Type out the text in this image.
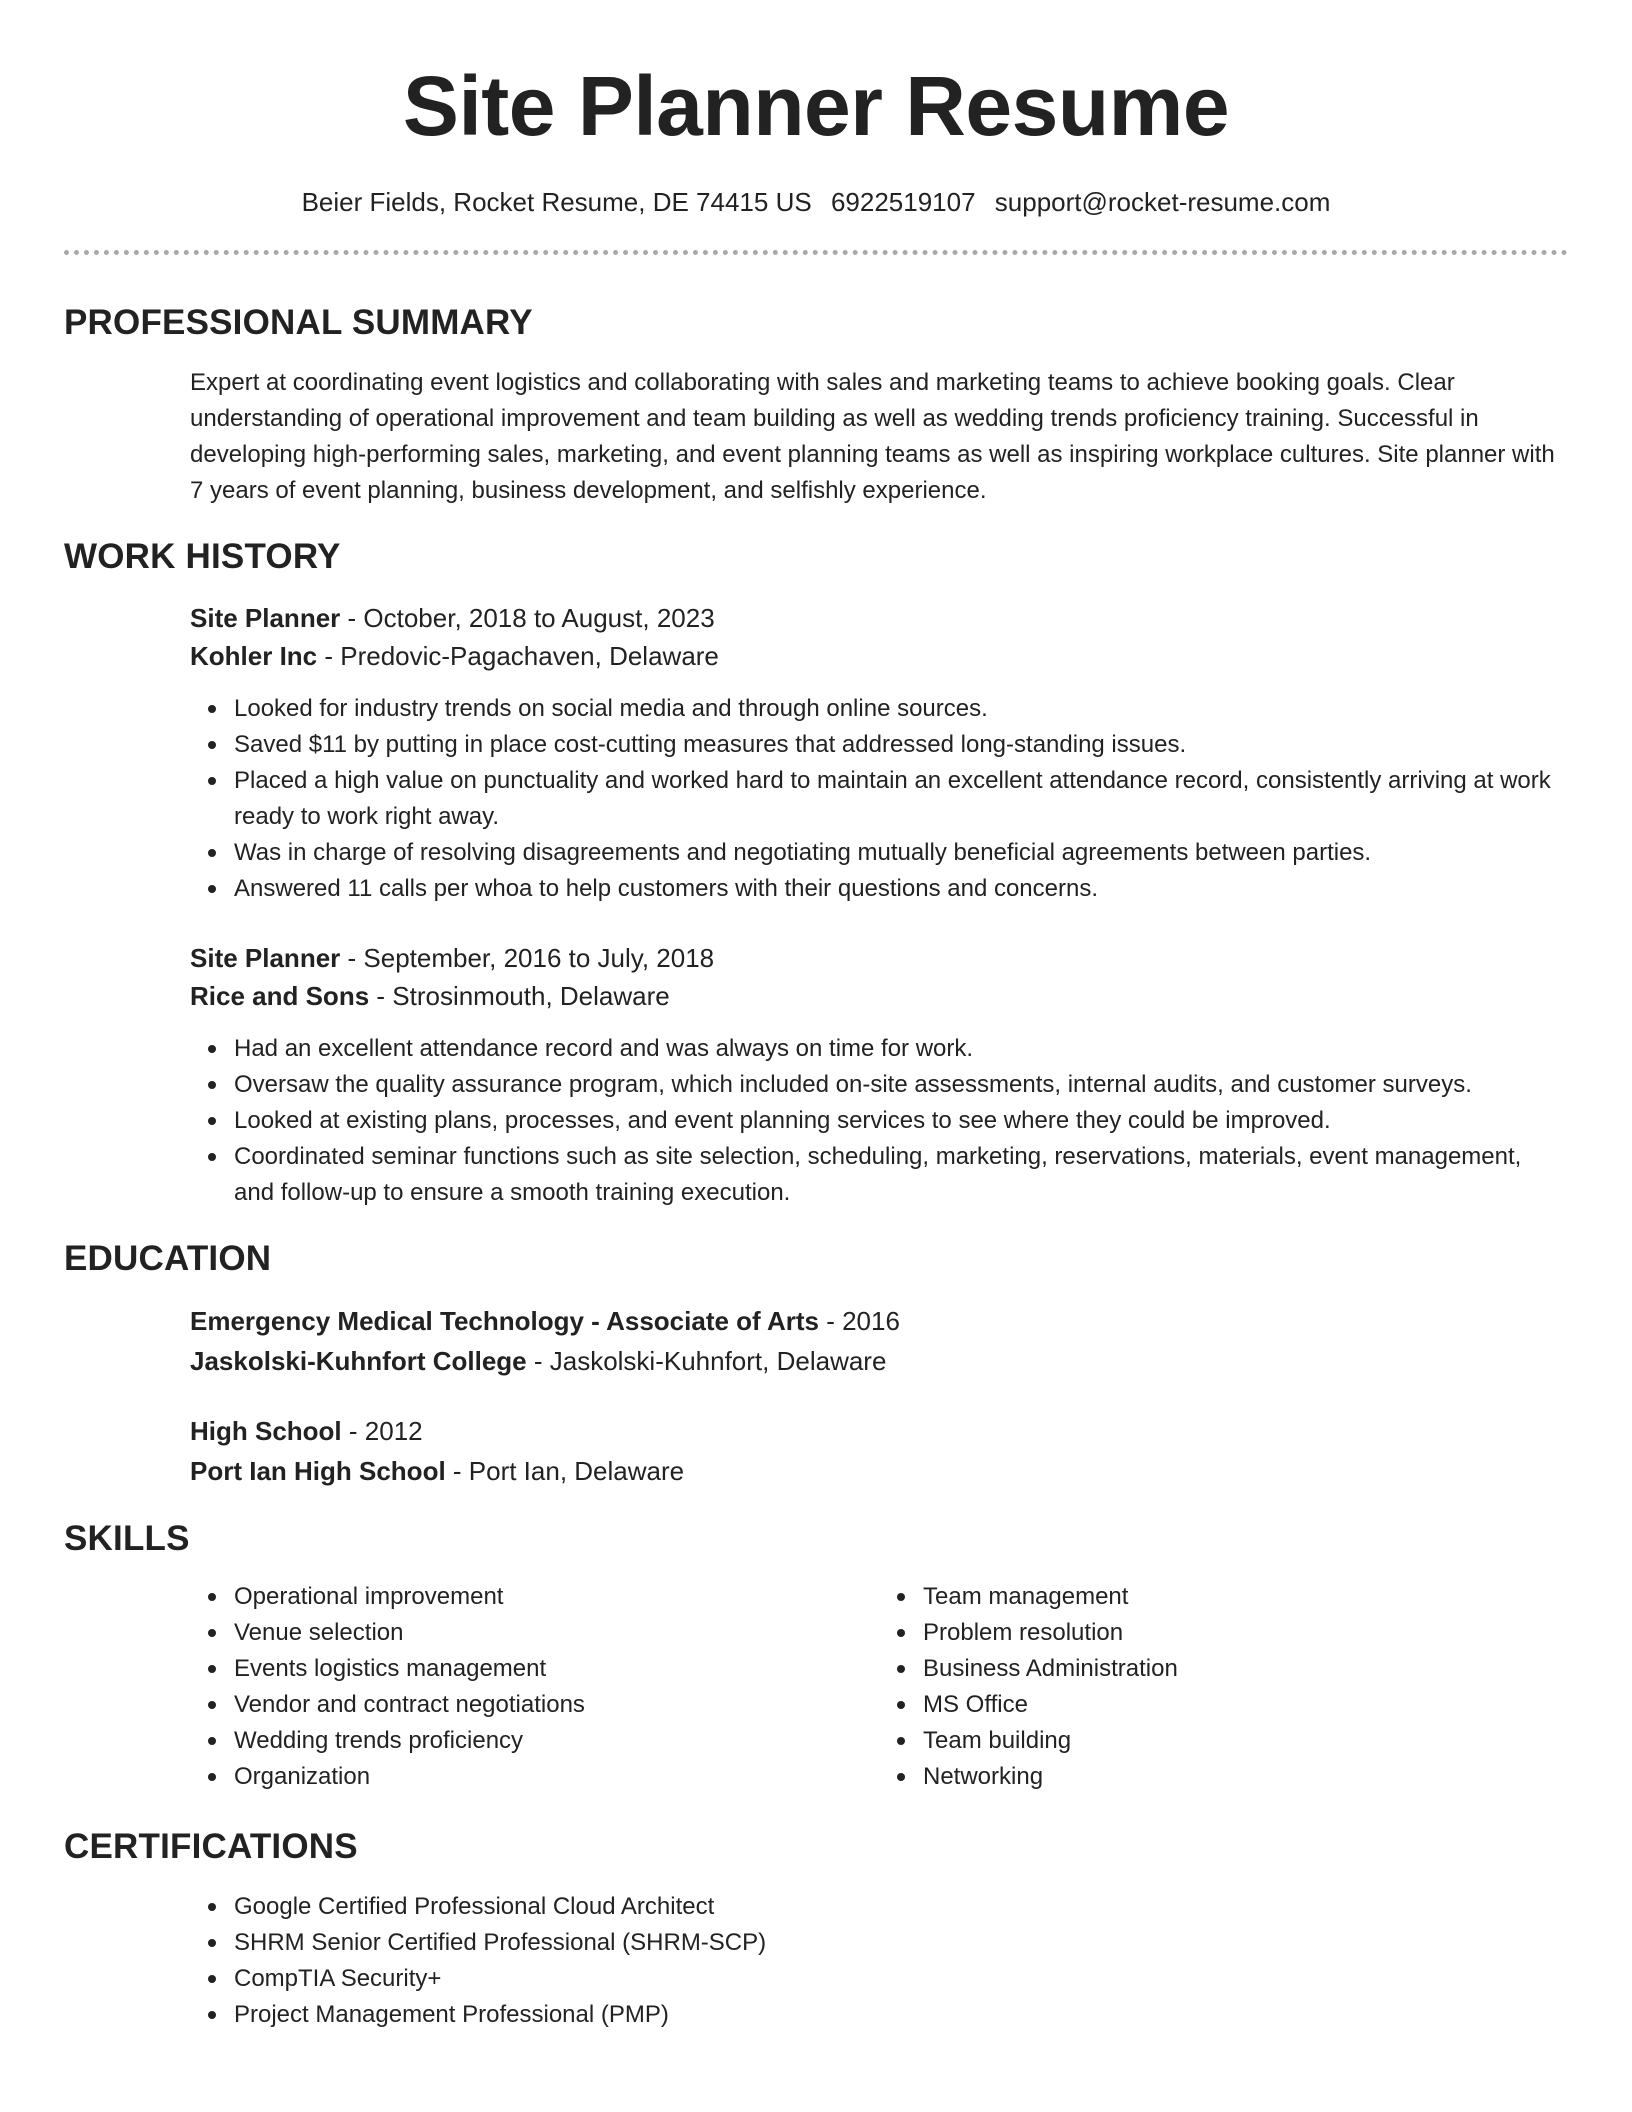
Site Planner Resume
Beier Fields, Rocket Resume, DE 74415 US 6922519107 support@rocket-resume.com
PROFESSIONAL SUMMARY

Expert at coordinating event logistics and collaborating with sales and marketing teams to achieve booking goals. Clear understanding of operational improvement and team building as well as wedding trends proficiency training. Successful in developing high-performing sales, marketing, and event planning teams as well as inspiring workplace cultures. Site planner with 7 years of event planning, business development, and selfishly experience.

WORK HISTORY

Site Planner - October, 2018 to August, 2023

Kohler Inc - Predovic-Pagachaven, Delaware

Looked for industry trends on social media and through online sources.
Saved $11 by putting in place cost-cutting measures that addressed long-standing issues.
Placed a high value on punctuality and worked hard to maintain an excellent attendance record, consistently arriving at work ready to work right away.
Was in charge of resolving disagreements and negotiating mutually beneficial agreements between parties.
Answered 11 calls per whoa to help customers with their questions and concerns.

Site Planner - September, 2016 to July, 2018

Rice and Sons - Strosinmouth, Delaware

Had an excellent attendance record and was always on time for work.
Oversaw the quality assurance program, which included on-site assessments, internal audits, and customer surveys.
Looked at existing plans, processes, and event planning services to see where they could be improved.
Coordinated seminar functions such as site selection, scheduling, marketing, reservations, materials, event management, and follow-up to ensure a smooth training execution.
EDUCATION

Emergency Medical Technology - Associate of Arts - 2016

Jaskolski-Kuhnfort College - Jaskolski-Kuhnfort, Delaware

High School - 2012

Port Ian High School - Port Ian, Delaware

SKILLS
Operational improvement
Venue selection
Events logistics management
Vendor and contract negotiations
Wedding trends proficiency
Organization
Team management
Problem resolution
Business Administration
MS Office
Team building
Networking
CERTIFICATIONS
Google Certified Professional Cloud Architect
SHRM Senior Certified Professional (SHRM-SCP)
CompTIA Security+
Project Management Professional (PMP)
